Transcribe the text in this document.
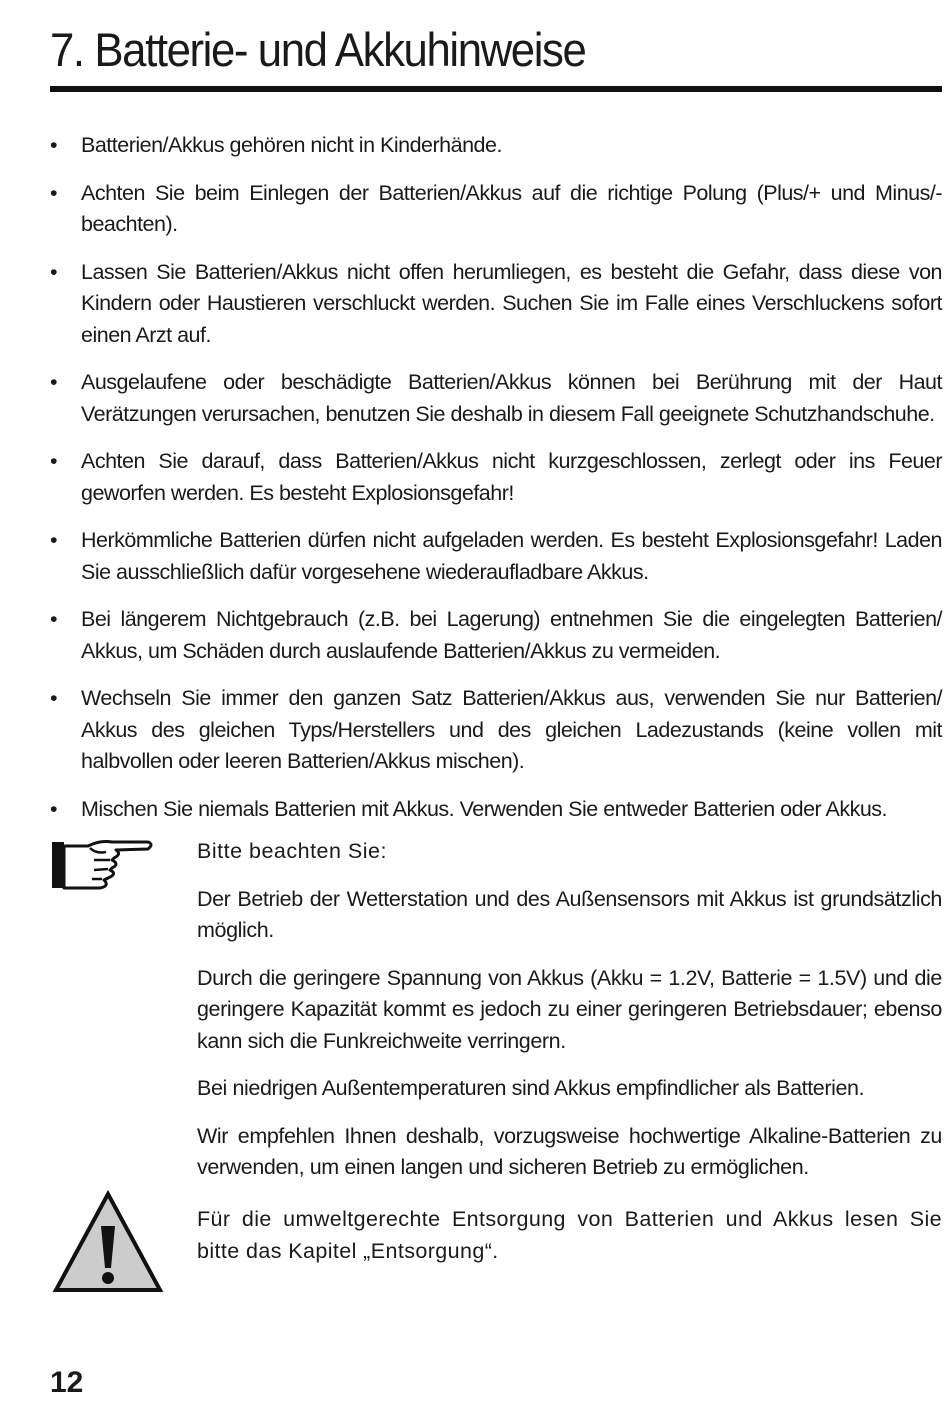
7. Batterie- und Akkuhinweise
• Batterien/Akkus gehören nicht in Kinderhände.
• Achten Sie beim Einlegen der Batterien/Akkus auf die richtige Polung (Plus/+ und Minus/- beachten).
• Lassen Sie Batterien/Akkus nicht offen herumliegen, es besteht die Gefahr, dass diese von Kindern oder Haustieren verschluckt werden. Suchen Sie im Falle eines Verschluckens sofort einen Arzt auf.
• Ausgelaufene oder beschädigte Batterien/Akkus können bei Berührung mit der Haut Verätzungen verursachen, benutzen Sie deshalb in diesem Fall geeignete Schutzhandschuhe.
• Achten Sie darauf, dass Batterien/Akkus nicht kurzgeschlossen, zerlegt oder ins Feuer geworfen werden. Es besteht Explosionsgefahr!
• Herkömmliche Batterien dürfen nicht aufgeladen werden. Es besteht Explosionsgefahr! Laden Sie ausschließlich dafür vorgesehene wiederaufladbare Akkus.
• Bei längerem Nichtgebrauch (z.B. bei Lagerung) entnehmen Sie die eingelegten Batterien/ Akkus, um Schäden durch auslaufende Batterien/Akkus zu vermeiden.
• Wechseln Sie immer den ganzen Satz Batterien/Akkus aus, verwenden Sie nur Batterien/ Akkus des gleichen Typs/Herstellers und des gleichen Ladezustands (keine vollen mit halbvollen oder leeren Batterien/Akkus mischen).
• Mischen Sie niemals Batterien mit Akkus. Verwenden Sie entweder Batterien oder Akkus.

Bitte beachten Sie:

Der Betrieb der Wetterstation und des Außensensors mit Akkus ist grundsätzlich möglich.

Durch die geringere Spannung von Akkus (Akku = 1.2V, Batterie = 1.5V) und die geringere Kapazität kommt es jedoch zu einer geringeren Betriebsdauer; ebenso kann sich die Funkreichweite verringern.

Bei niedrigen Außentemperaturen sind Akkus empfindlicher als Batterien.

Wir empfehlen Ihnen deshalb, vorzugsweise hochwertige Alkaline-Batterien zu verwenden, um einen langen und sicheren Betrieb zu ermöglichen.

Für die umweltgerechte Entsorgung von Batterien und Akkus lesen Sie bitte das Kapitel „Entsorgung“.

12
